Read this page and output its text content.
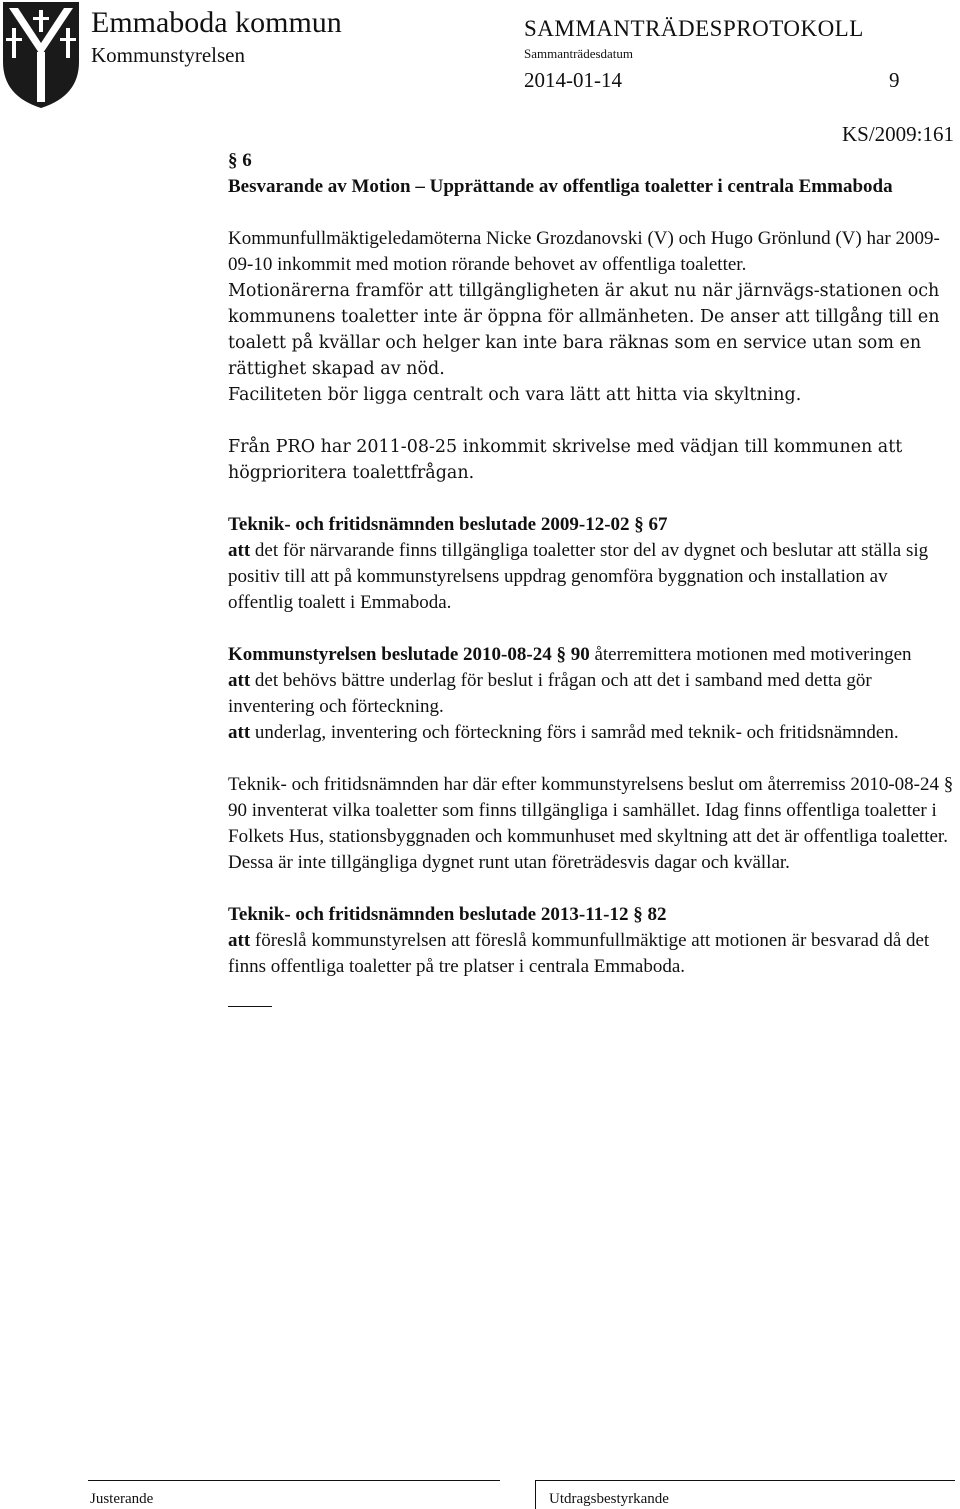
Emmaboda kommun
Kommunstyrelsen
SAMMANTRÄDESPROTOKOLL
Sammanträdesdatum
2014-01-14	9
KS/2009:161

§ 6

Besvarande av Motion – Upprättande av offentliga toaletter i centrala Emmaboda

Kommunfullmäktigeledamöterna Nicke Grozdanovski (V) och Hugo Grönlund (V) har 2009-09-10 inkommit med motion rörande behovet av offentliga toaletter.

Motionärerna framför att tillgängligheten är akut nu när järnvägs-stationen och kommunens toaletter inte är öppna för allmänheten. De anser att tillgång till en toalett på kvällar och helger kan inte bara räknas som en service utan som en rättighet skapad av nöd.
Faciliteten bör ligga centralt och vara lätt att hitta via skyltning.

Från PRO har 2011-08-25 inkommit skrivelse med vädjan till kommunen att högprioritera toalettfrågan.

Teknik- och fritidsnämnden beslutade 2009-12-02 § 67

att det för närvarande finns tillgängliga toaletter stor del av dygnet och beslutar att ställa sig positiv till att på kommunstyrelsens uppdrag genomföra byggnation och installation av offentlig toalett i Emmaboda.

Kommunstyrelsen beslutade 2010-08-24 § 90 återremittera motionen med motiveringen

att det behövs bättre underlag för beslut i frågan och att det i samband med detta gör inventering och förteckning.

att underlag, inventering och förteckning förs i samråd med teknik- och fritidsnämnden.

Teknik- och fritidsnämnden har där efter kommunstyrelsens beslut om återremiss 2010-08-24 § 90 inventerat vilka toaletter som finns tillgängliga i samhället. Idag finns offentliga toaletter i Folkets Hus, stationsbyggnaden och kommunhuset med skyltning att det är offentliga toaletter. Dessa är inte tillgängliga dygnet runt utan företrädesvis dagar och kvällar.

Teknik- och fritidsnämnden beslutade 2013-11-12 § 82

att föreslå kommunstyrelsen att föreslå kommunfullmäktige att motionen är besvarad då det finns offentliga toaletter på tre platser i centrala Emmaboda.

Justerande	Utdragsbestyrkande
